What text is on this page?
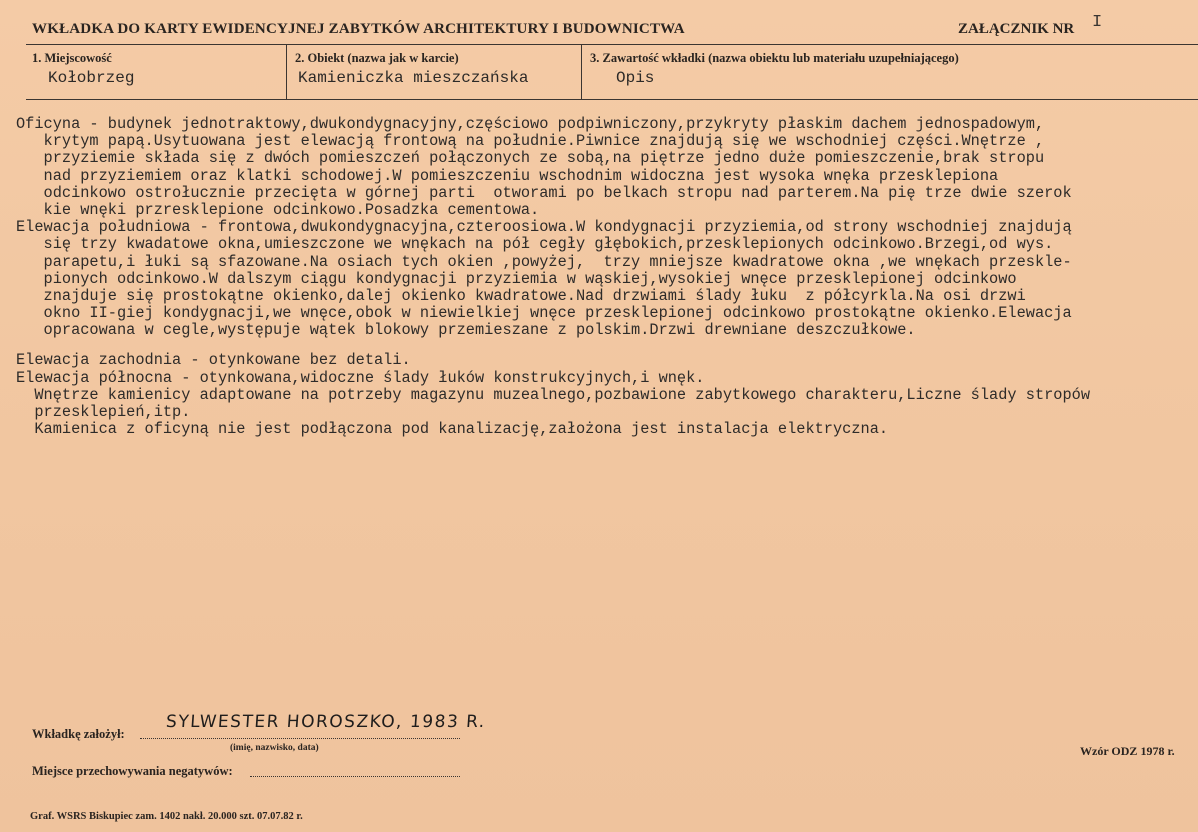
WKŁADKA DO KARTY EWIDENCYJNEJ ZABYTKÓW ARCHITEKTURY I BUDOWNICTWA	ZAŁĄCZNIK NR I
1. Miejscowość
Kołobrzeg
2. Obiekt (nazwa jak w karcie)
Kamieniczka mieszczańska
3. Zawartość wkładki (nazwa obiektu lub materiału uzupełniającego)
Opis
Oficyna - budynek jednotraktowy,dwukondygnacyjny,częściowo podpiwniczony,przykryty płaskim dachem jednospadowym,
krytym papą.Usytuowana jest elewacją frontową na południe.Piwnice znajdują się we wschodniej części.Wnętrze ,
przyziemie składa się z dwóch pomieszczeń połączonych ze sobą,na piętrze jedno duże pomieszczenie,brak stropu
nad przyziemiem oraz klatki schodowej.W pomieszczeniu wschodnim widoczna jest wysoka wnęka przesklepiona
odcinkowo ostrołucznie przecięta w górnej parti  otworami po belkach stropu nad parterem.Na pię trze dwie szerok
kie wnęki przresklepione odcinkowo.Posadzka cementowa.
Elewacja południowa - frontowa,dwukondygnacyjna,czteroosiowa.W kondygnacji przyziemia,od strony wschodniej znajdują
się trzy kwadatowe okna,umieszczone we wnękach na pół cegły głębokich,przesklepionych odcinkowo.Brzegi,od wys.
parapetu,i łuki są sfazowane.Na osiach tych okien ,powyżej,  trzy mniejsze kwadratowe okna ,we wnękach przeskle-
pionych odcinkowo.W dalszym ciągu kondygnacji przyziemia w wąskiej,wysokiej wnęce przesklepionej odcinkowo
znajduje się prostokątne okienko,dalej okienko kwadratowe.Nad drzwiami ślady łuku  z półcyrkla.Na osi drzwi
okno II-giej kondygnacji,we wnęce,obok w niewielkiej wnęce przesklepionej odcinkowo prostokątne okienko.Elewacja
opracowana w cegle,występuje wątek blokowy przemieszane z polskim.Drzwi drewniane deszczułkowe.
Elewacja zachodnia - otynkowane bez detali.
Elewacja północna - otynkowana,widoczne ślady łuków konstrukcyjnych,i wnęk.
Wnętrze kamienicy adaptowane na potrzeby magazynu muzealnego,pozbawione zabytkowego charakteru,Liczne ślady stropów
przesklepień,itp.
Kamienica z oficyną nie jest podłączona pod kanalizację,założona jest instalacja elektryczna.
Wkładkę założył:
SYLWESTER HOROSZKO, 1983 R.
(imię, nazwisko, data)	Wzór ODZ 1978 r.
Miejsce przechowywania negatywów:
Graf. WSRS Biskupiec zam. 1402 nakł. 20.000 szt. 07.07.82 r.
